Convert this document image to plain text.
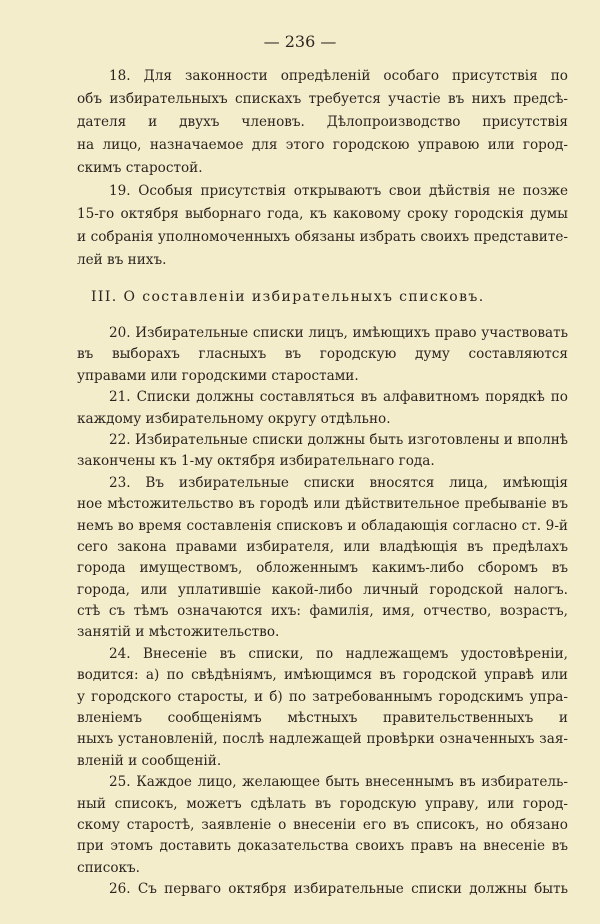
— 236 —
18. Для законности опредѣленій особаго присутствія по
объ избирательныхъ спискахъ требуется участіе въ нихъ предсѣ-
дателя и двухъ членовъ. Дѣлопроизводство присутствія
на лицо, назначаемое для этого городскою управою или город-
скимъ старостой.
19. Особыя присутствія открываютъ свои дѣйствія не позже
15-го октября выборнаго года, къ каковому сроку городскія думы
и собранія уполномоченныхъ обязаны избрать своихъ представите-
лей въ нихъ.
III. О составленіи избирательныхъ списковъ.
20. Избирательные списки лицъ, имѣющихъ право участвовать
въ выборахъ гласныхъ въ городскую думу составляются
управами или городскими старостами.
21. Списки должны составляться въ алфавитномъ порядкѣ по
каждому избирательному округу отдѣльно.
22. Избирательные списки должны быть изготовлены и вполнѣ
закончены къ 1-му октября избирательнаго года.
23. Въ избирательные списки вносятся лица, имѣющія
ное мѣстожительство въ городѣ или дѣйствительное пребываніе въ
немъ во время составленія списковъ и обладающія согласно ст. 9-й
сего закона правами избирателя, или владѣющія въ предѣлахъ
города имуществомъ, обложеннымъ какимъ-либо сборомъ въ
города, или уплатившіе какой-либо личный городской налогъ.
стѣ съ тѣмъ означаются ихъ: фамилія, имя, отчество, возрастъ,
занятій и мѣстожительство.
24. Внесеніе въ списки, по надлежащемъ удостовѣреніи,
водится: а) по свѣдѣніямъ, имѣющимся въ городской управѣ или
у городского старосты, и б) по затребованнымъ городскимъ упра-
вленіемъ сообщеніямъ мѣстныхъ правительственныхъ и
ныхъ установленій, послѣ надлежащей провѣрки означенныхъ зая-
вленій и сообщеній.
25. Каждое лицо, желающее быть внесеннымъ въ избиратель-
ный списокъ, можетъ сдѣлать въ городскую управу, или город-
скому старостѣ, заявленіе о внесеніи его въ списокъ, но обязано
при этомъ доставить доказательства своихъ правъ на внесеніе въ
списокъ.
26. Съ перваго октября избирательные списки должны быть
